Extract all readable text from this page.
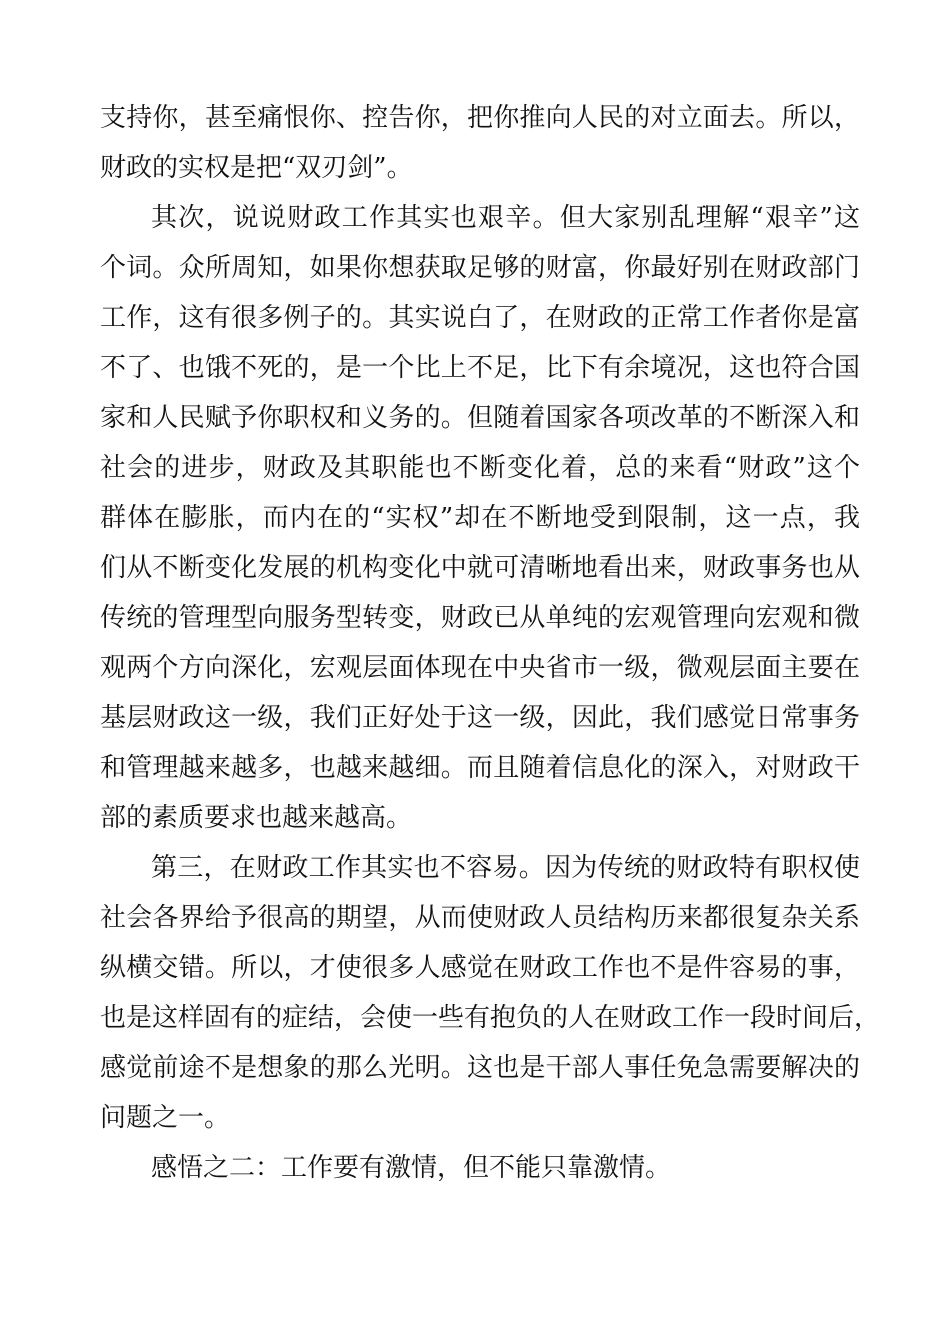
支持你，甚至痛恨你、控告你，把你推向人民的对立面去。所以，

财政的实权是把“双刃剑”。

其次，说说财政工作其实也艰辛。但大家别乱理解“艰辛”这

个词。众所周知，如果你想获取足够的财富，你最好别在财政部门

工作，这有很多例子的。其实说白了，在财政的正常工作者你是富

不了、也饿不死的，是一个比上不足，比下有余境况，这也符合国

家和人民赋予你职权和义务的。但随着国家各项改革的不断深入和

社会的进步，财政及其职能也不断变化着，总的来看“财政”这个

群体在膨胀，而内在的“实权”却在不断地受到限制，这一点，我

们从不断变化发展的机构变化中就可清晰地看出来，财政事务也从

传统的管理型向服务型转变，财政已从单纯的宏观管理向宏观和微

观两个方向深化，宏观层面体现在中央省市一级，微观层面主要在

基层财政这一级，我们正好处于这一级，因此，我们感觉日常事务

和管理越来越多，也越来越细。而且随着信息化的深入，对财政干

部的素质要求也越来越高。

第三，在财政工作其实也不容易。因为传统的财政特有职权使

社会各界给予很高的期望，从而使财政人员结构历来都很复杂关系

纵横交错。所以，才使很多人感觉在财政工作也不是件容易的事，

也是这样固有的症结，会使一些有抱负的人在财政工作一段时间后，

感觉前途不是想象的那么光明。这也是干部人事任免急需要解决的

问题之一。

感悟之二：工作要有激情，但不能只靠激情。
